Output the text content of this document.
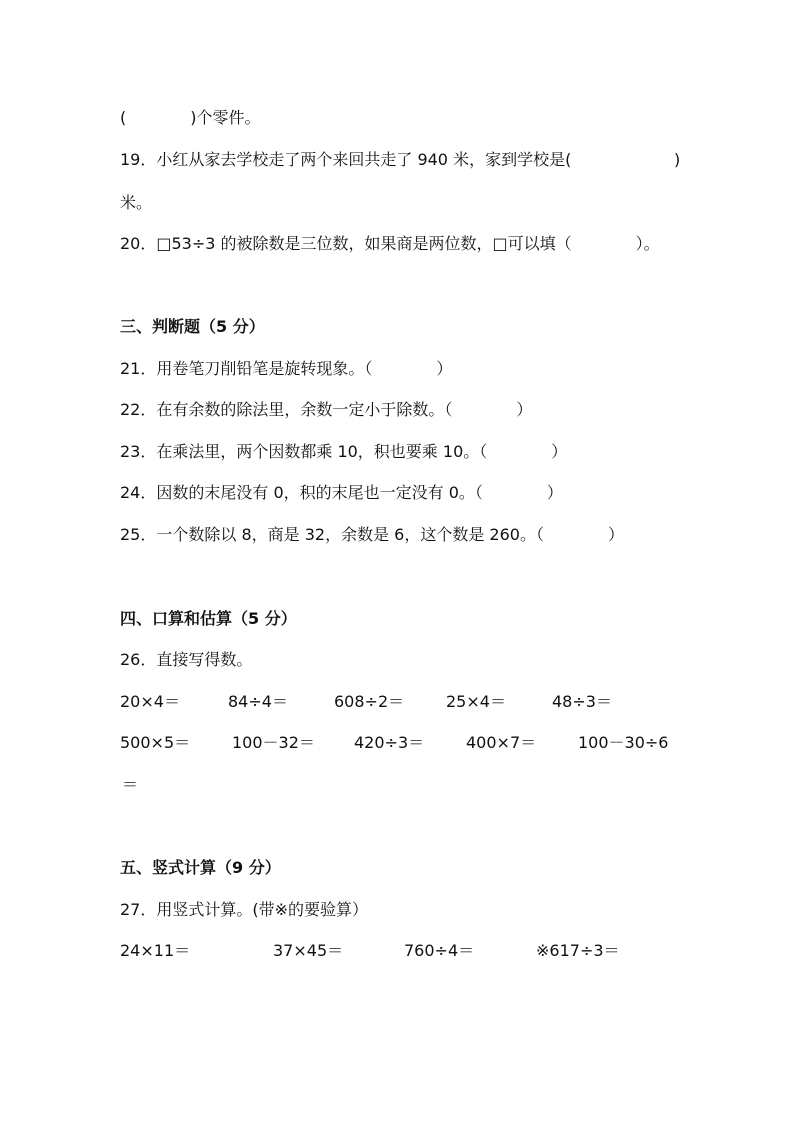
(　　　　)个零件。
19．小红从家去学校走了两个来回共走了 940 米，家到学校是(	)
米。
20．□53÷3 的被除数是三位数，如果商是两位数，□可以填（　　　　）。
三、判断题（5 分）
21．用卷笔刀削铅笔是旋转现象。（　　　　）
22．在有余数的除法里，余数一定小于除数。（　　　　）
23．在乘法里，两个因数都乘 10，积也要乘 10。（　　　　）
24．因数的末尾没有 0，积的末尾也一定没有 0。（　　　　）
25．一个数除以 8，商是 32，余数是 6，这个数是 260。（　　　　）
四、口算和估算（5 分）
26．直接写得数。
20×4＝	84÷4＝	608÷2＝	25×4＝	48÷3＝
500×5＝	100－32＝ 420÷3＝	400×7＝	100－30÷6
＝
五、竖式计算（9 分）
27．用竖式计算。(带※的要验算）
24×11＝	37×45＝	760÷4＝	※617÷3＝
